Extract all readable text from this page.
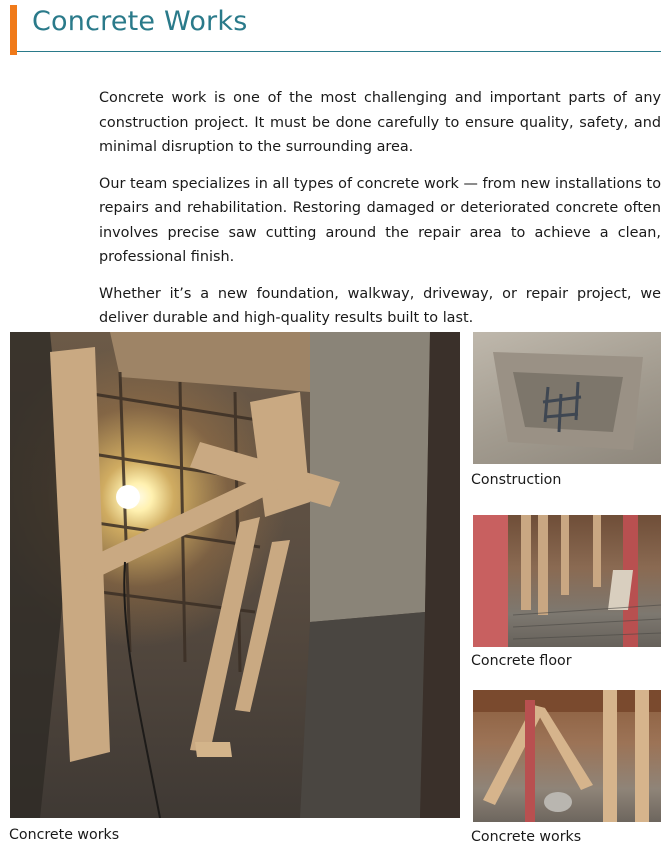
Concrete Works

Concrete work is one of the most challenging and important parts of any construction project. It must be done carefully to ensure quality, safety, and minimal disruption to the surrounding area.

Our team specializes in all types of concrete work — from new installations to repairs and rehabilitation. Restoring damaged or deteriorated concrete often involves precise saw cutting around the repair area to achieve a clean, professional finish.

Whether it’s a new foundation, walkway, driveway, or repair project, we deliver durable and high-quality results built to last.

Concrete works
Construction
Concrete floor
Concrete works
